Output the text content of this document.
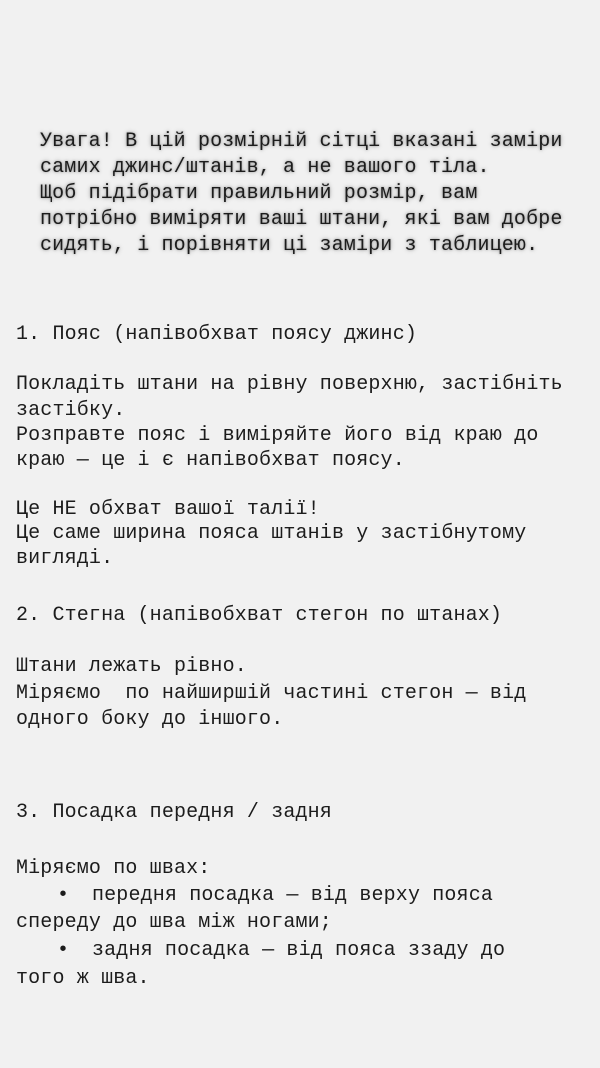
Увага! В цій розмірній сітці вказані заміри
самих джинс/штанів, а не вашого тіла.
Щоб підібрати правильний розмір, вам
потрібно виміряти ваші штани, які вам добре
сидять, і порівняти ці заміри з таблицею.
1. Пояс (напівобхват поясу джинс)
Покладіть штани на рівну поверхню, застібніть
застібку.
Розправте пояс і виміряйте його від краю до
краю — це і є напівобхват поясу.
Це НЕ обхват вашої талії!
Це саме ширина пояса штанів у застібнутому
вигляді.
2. Стегна (напівобхват стегон по штанах)
Штани лежать рівно.
Міряємо  по найширшій частині стегон — від
одного боку до іншого.
3. Посадка передня / задня
Міряємо по швах:
• передня посадка — від верху пояса
спереду до шва між ногами;
• задня посадка — від пояса ззаду до
того ж шва.
